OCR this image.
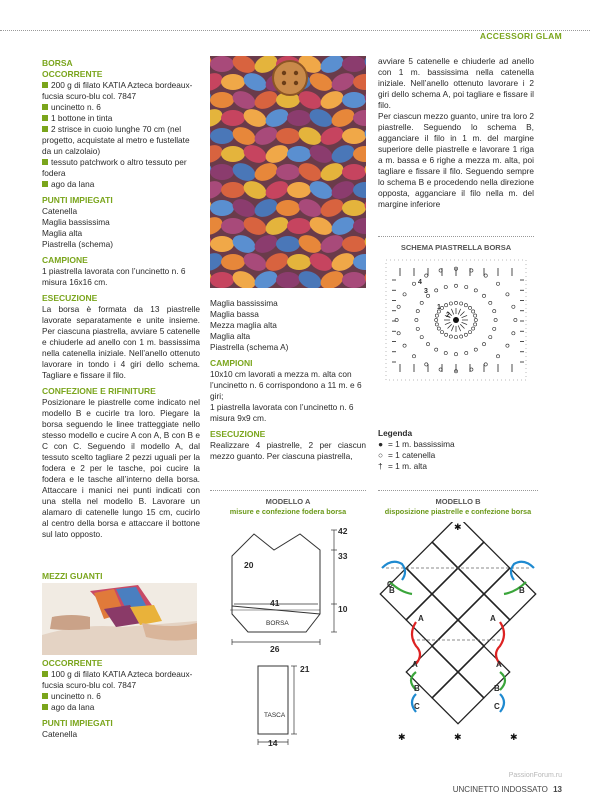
ACCESSORI GLAM
BORSA
OCCORRENTE

200 g di filato KATIA Azteca bordeaux-fucsia scuro-blu col. 7847

uncinetto n. 6

1 bottone in tinta

2 strisce in cuoio lunghe 70 cm (nel progetto, acquistate al metro e fustellate da un calzolaio)

tessuto patchwork o altro tessuto per fodera

ago da lana

PUNTI IMPIEGATI

Catenella

Maglia bassissima

Maglia alta

Piastrella (schema)

CAMPIONE

1 piastrella lavorata con l’uncinetto n. 6 misura 16x16 cm.

ESECUZIONE

La borsa è formata da 13 piastrelle lavorate separatamente e unite insieme. Per ciascuna piastrella, avviare 5 catenelle e chiuderle ad anello con 1 m. bassissima nella catenella iniziale. Nell’anello ottenuto lavorare in tondo i 4 giri dello schema. Tagliare e fissare il filo.

CONFEZIONE E RIFINITURE

Posizionare le piastrelle come indicato nel modello B e cucirle tra loro. Piegare la borsa seguendo le linee tratteggiate nello stesso modello e cucire A con A, B con B e C con C. Seguendo il modello A, dal tessuto scelto tagliare 2 pezzi uguali per la fodera e 2 per le tasche, poi cucire la fodera e le tasche all’interno della borsa. Attaccare i manici nei punti indicati con una stella nel modello B. Lavorare un alamaro di catenelle lungo 15 cm, cucirlo al centro della borsa e attaccare il bottone sul lato opposto.

MEZZI GUANTI
OCCORRENTE

100 g di filato KATIA Azteca bordeaux-fucsia scuro-blu col. 7847

uncinetto n. 6

ago da lana

PUNTI IMPIEGATI

Catenella

Maglia bassissima

Maglia bassa

Mezza maglia alta

Maglia alta

Piastrella (schema A)

CAMPIONI

10x10 cm lavorati a mezza m. alta con l’uncinetto n. 6 corrispondono a 11 m. e 6 giri;
1 piastrella lavorata con l’uncinetto n. 6 misura 9x9 cm.

ESECUZIONE

Realizzare 4 piastrelle, 2 per ciascun mezzo guanto. Per ciascuna piastrella,

avviare 5 catenelle e chiuderle ad anello con 1 m. bassissima nella catenella iniziale. Nell’anello ottenuto lavorare i 2 giri dello schema A, poi tagliare e fissare il filo.
Per ciascun mezzo guanto, unire tra loro 2 piastrelle. Seguendo lo schema B, agganciare il filo in 1 m. del margine superiore delle piastrelle e lavorare 1 riga a m. bassa e 6 righe a mezza m. alta, poi tagliare e fissare il filo. Seguendo sempre lo schema B e procedendo nella direzione opposta, agganciare il filo nella m. del margine inferiore

SCHEMA PIASTRELLA BORSA
4
3
2
1
Legenda

● = 1 m. bassissima

○ = 1 catenella

† = 1 m. alta

MODELLO A
misure e confezione fodera borsa
42
33
20
41
10
BORSA
26
21
TASCA
14
MODELLO B
disposizione piastrelle e confezione borsa
✱
✱
✱	✱
C
B	B
A	A
A	A
B	B
C	C
PassionForum.ru
UNCINETTO INDOSSATO 13
